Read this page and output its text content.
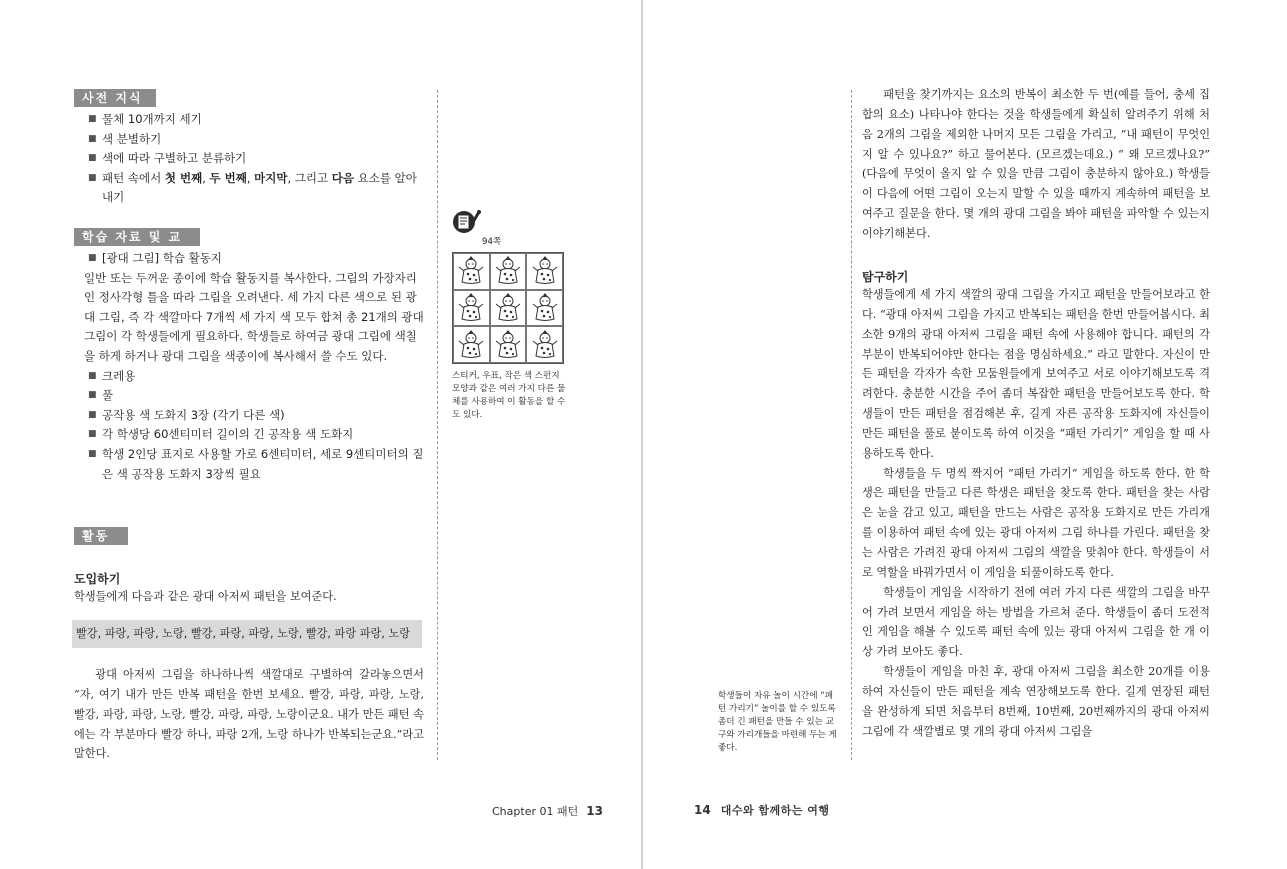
사전 지식
■ 물체 10개까지 세기
■ 색 분별하기
■ 색에 따라 구별하고 분류하기
■ 패턴 속에서 첫 번째, 두 번째, 마지막, 그리고 다음 요소를 알아내기
학습 자료 및 교구
■ [광대 그림] 학습 활동지
일반 또는 두꺼운 종이에 학습 활동지를 복사한다. 그림의 가장자리인 정사각형 틀을 따라 그림을 오려낸다. 세 가지 다른 색으로 된 광대 그림, 즉 각 색깔마다 7개씩 세 가지 색 모두 합쳐 총 21개의 광대 그림이 각 학생들에게 필요하다. 학생들로 하여금 광대 그림에 색칠을 하게 하거나 광대 그림을 색종이에 복사해서 쓸 수도 있다.
■ 크레용
■ 풀
■ 공작용 색 도화지 3장 (각기 다른 색)
■ 각 학생당 60센티미터 길이의 긴 공작용 색 도화지
■ 학생 2인당 표지로 사용할 가로 6센티미터, 세로 9센티미터의 짙은 색 공작용 도화지 3장씩 필요
활동
도입하기
학생들에게 다음과 같은 광대 아저씨 패턴을 보여준다.
빨강, 파랑, 파랑, 노랑, 빨강, 파랑, 파랑, 노랑, 빨강, 파랑 파랑, 노랑

광대 아저씨 그림을 하나하나씩 색깔대로 구별하여 갈라놓으면서 “자, 여기 내가 만든 반복 패턴을 한번 보세요. 빨강, 파랑, 파랑, 노랑, 빨강, 파랑, 파랑, 노랑, 빨강, 파랑, 파랑, 노랑이군요. 내가 만든 패턴 속에는 각 부분마다 빨강 하나, 파랑 2개, 노랑 하나가 반복되는군요.”라고 말한다.

94쪽
스티커, 우표, 작은 색 스펀지 모양과 같은 여러 가지 다른 물체를 사용하여 이 활동을 할 수도 있다.
Chapter 01 패턴 13

패턴을 찾기까지는 요소의 반복이 최소한 두 번(예를 들어, 충세 집합의 요소) 나타나야 한다는 것을 학생들에게 확실히 알려주기 위해 처음 2개의 그림을 제외한 나머지 모든 그림을 가리고, “내 패턴이 무엇인지 알 수 있나요?” 하고 물어본다. (모르겠는데요.) “ 왜 모르겠나요?” (다음에 무엇이 올지 알 수 있을 만큼 그림이 충분하지 않아요.) 학생들이 다음에 어떤 그림이 오는지 말할 수 있을 때까지 계속하여 패턴을 보여주고 질문을 한다. 몇 개의 광대 그림을 봐야 패턴을 파악할 수 있는지 이야기해본다.

탐구하기

학생들에게 세 가지 색깔의 광대 그림을 가지고 패턴을 만들어보라고 한다. “광대 아저씨 그림을 가지고 반복되는 패턴을 한번 만들어봅시다. 최소한 9개의 광대 아저씨 그림을 패턴 속에 사용해야 합니다. 패턴의 각 부분이 반복되어야만 한다는 점을 명심하세요.” 라고 말한다. 자신이 만든 패턴을 각자가 속한 모둠원들에게 보여주고 서로 이야기해보도록 격려한다. 충분한 시간을 주어 좀더 복잡한 패턴을 만들어보도록 한다. 학생들이 만든 패턴을 점검해본 후, 길게 자른 공작용 도화지에 자신들이 만든 패턴을 풀로 붙이도록 하여 이것을 “패턴 가리기” 게임을 할 때 사용하도록 한다.

학생들을 두 명씩 짝지어 “패턴 가리기” 게임을 하도록 한다. 한 학생은 패턴을 만들고 다른 학생은 패턴을 찾도록 한다. 패턴을 찾는 사람은 눈을 감고 있고, 패턴을 만드는 사람은 공작용 도화지로 만든 가리개를 이용하여 패턴 속에 있는 광대 아저씨 그림 하나를 가린다. 패턴을 찾는 사람은 가려진 광대 아저씨 그림의 색깔을 맞춰야 한다. 학생들이 서로 역할을 바꿔가면서 이 게임을 되풀이하도록 한다.

학생들이 게임을 시작하기 전에 여러 가지 다른 색깔의 그림을 바꾸어 가려 보면서 게임을 하는 방법을 가르쳐 준다. 학생들이 좀더 도전적인 게임을 해볼 수 있도록 패턴 속에 있는 광대 아저씨 그림을 한 개 이상 가려 보아도 좋다.

학생들이 게임을 마친 후, 광대 아저씨 그림을 최소한 20개를 이용하여 자신들이 만든 패턴을 계속 연장해보도록 한다. 길게 연장된 패턴을 완성하게 되면 처음부터 8번째, 10번째, 20번째까지의 광대 아저씨 그림에 각 색깔별로 몇 개의 광대 아저씨 그림을

학생들이 자유 놀이 시간에 “패턴 가리기” 놀이를 할 수 있도록 좀더 긴 패턴을 만들 수 있는 교구와 가리개들을 마련해 두는 게 좋다.
14 대수와 함께하는 여행
